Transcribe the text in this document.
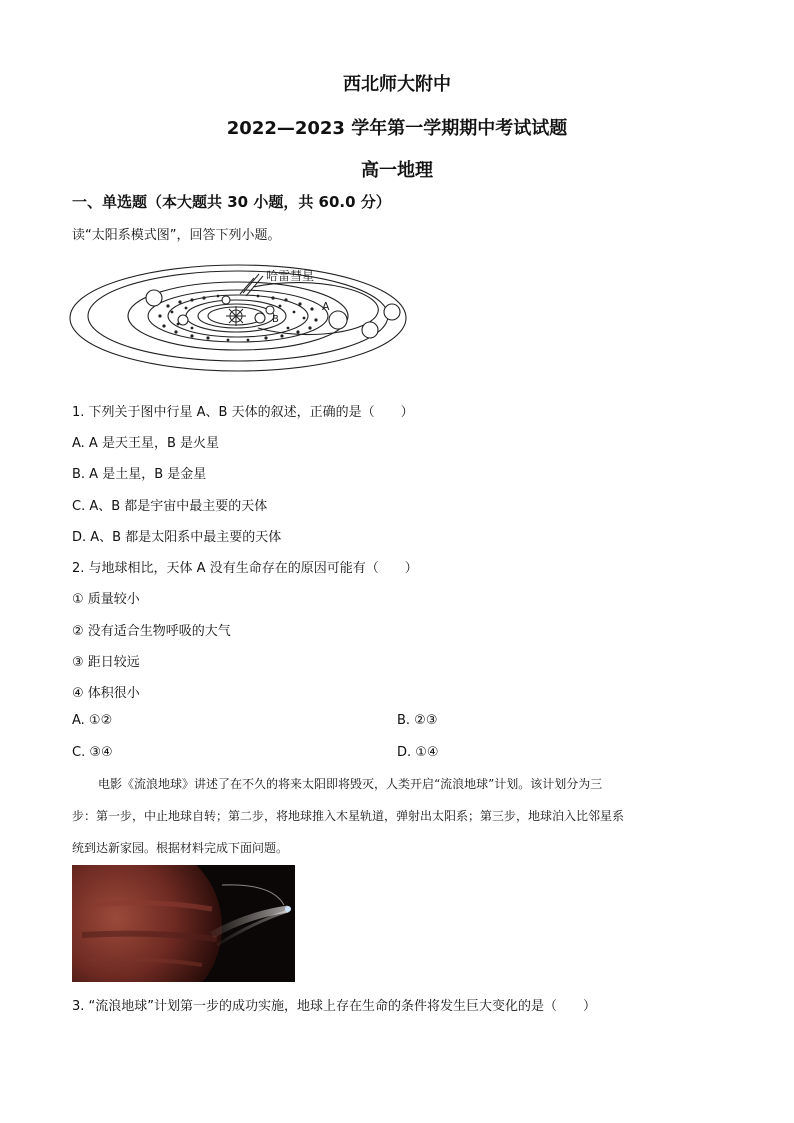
西北师大附中
2022—2023 学年第一学期期中考试试题
高一地理
一、单选题（本大题共 30 小题，共 60.0 分）
读“太阳系模式图”，回答下列小题。
哈雷彗星
A
B
1. 下列关于图中行星 A、B 天体的叙述，正确的是（　　）
A. A 是天王星，B 是火星
B. A 是土星，B 是金星
C. A、B 都是宇宙中最主要的天体
D. A、B 都是太阳系中最主要的天体
2. 与地球相比，天体 A 没有生命存在的原因可能有（　　）
① 质量较小
② 没有适合生物呼吸的大气
③ 距日较远
④ 体积很小
A. ①②	B. ②③
C. ③④	D. ①④
电影《流浪地球》讲述了在不久的将来太阳即将毁灭，人类开启“流浪地球”计划。该计划分为三
步：第一步，中止地球自转；第二步，将地球推入木星轨道，弹射出太阳系；第三步，地球泊入比邻星系
统到达新家园。根据材料完成下面问题。
3. “流浪地球”计划第一步的成功实施，地球上存在生命的条件将发生巨大变化的是（　　）
